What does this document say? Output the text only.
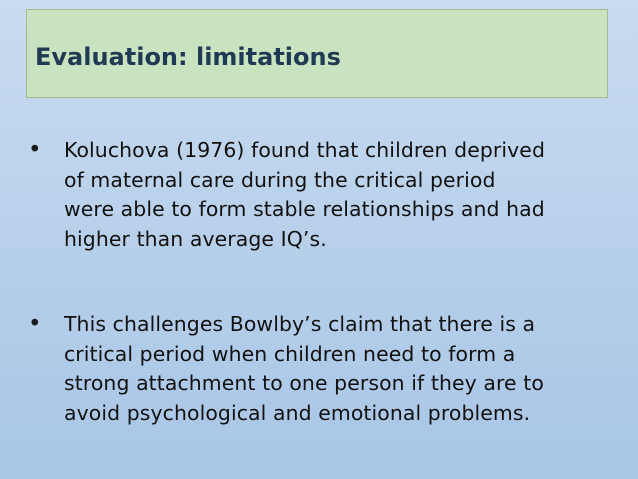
Evaluation: limitations
•	Koluchova (1976) found that children deprived
of maternal care during the critical period
were able to form stable relationships and had
higher than average IQ’s.
•	This challenges Bowlby’s claim that there is a
critical period when children need to form a
strong attachment to one person if they are to
avoid psychological and emotional problems.
